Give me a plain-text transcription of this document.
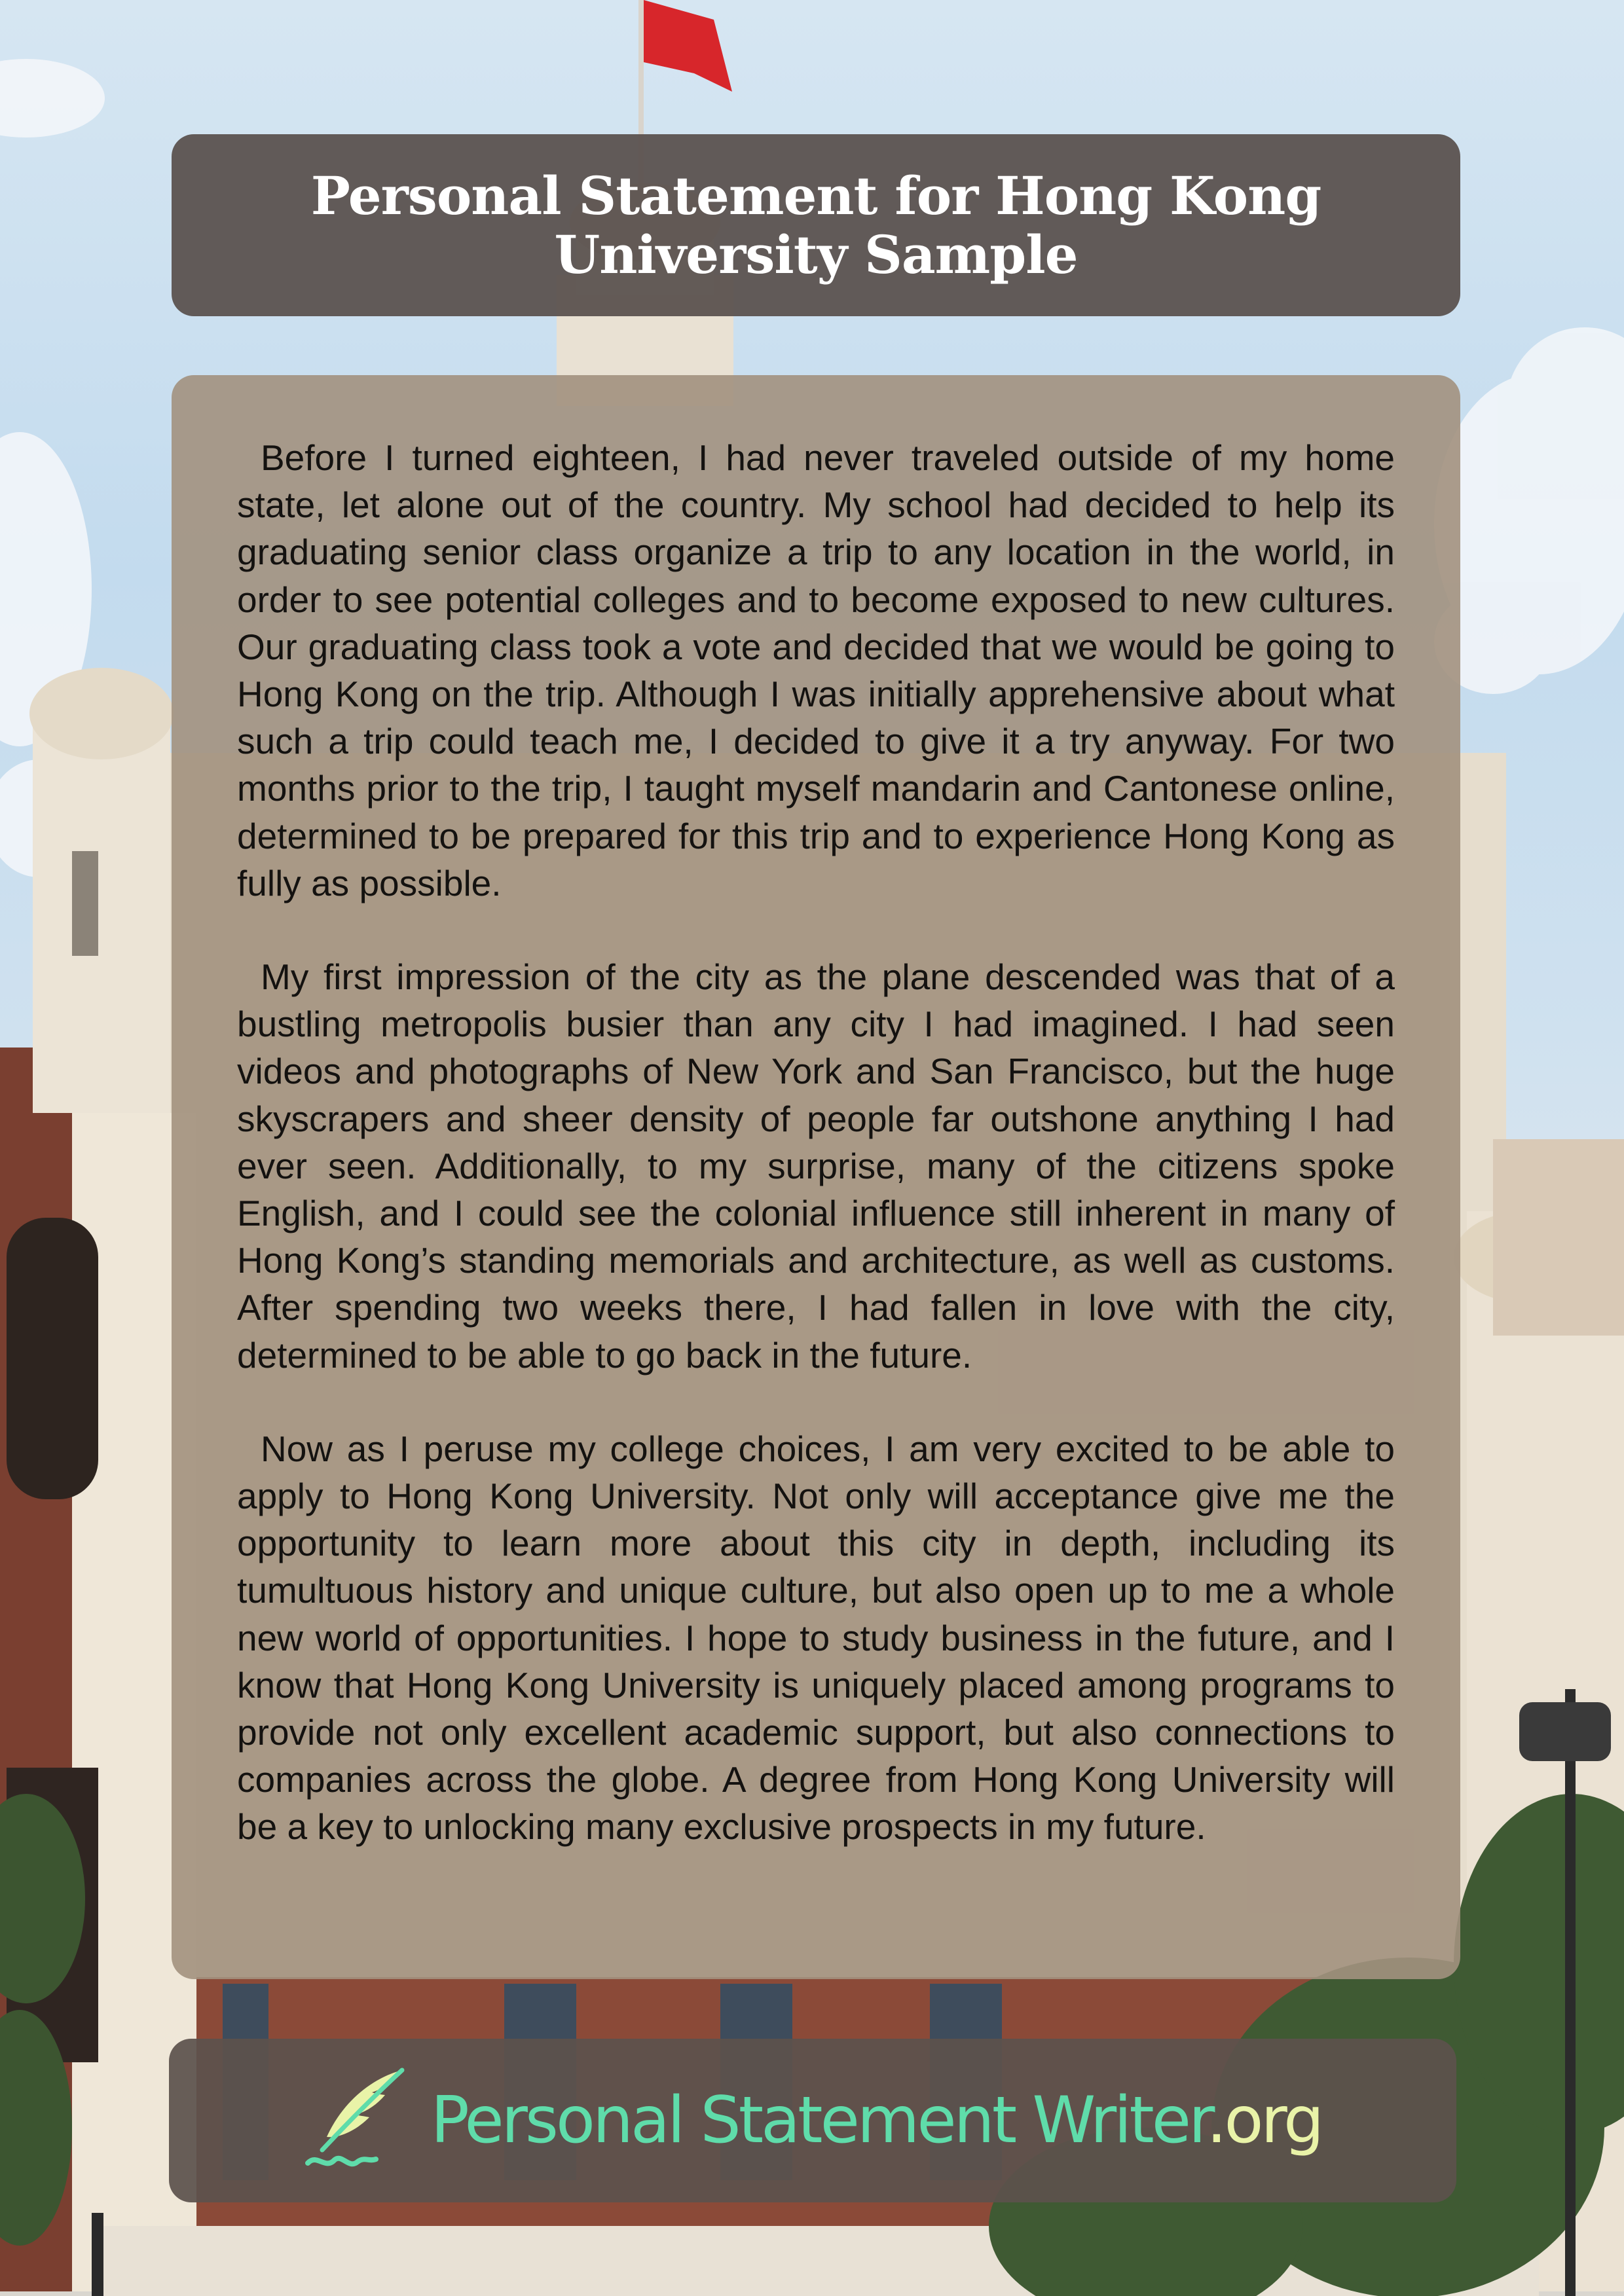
Personal Statement for Hong Kong University Sample

Before I turned eighteen, I had never traveled outside of my home state, let alone out of the country. My school had decided to help its graduating senior class organize a trip to any location in the world, in order to see potential colleges and to become exposed to new cultures. Our graduating class took a vote and decided that we would be going to Hong Kong on the trip. Although I was initially apprehensive about what such a trip could teach me, I decided to give it a try anyway. For two months prior to the trip, I taught myself mandarin and Cantonese online, determined to be prepared for this trip and to experience Hong Kong as fully as possible.

My first impression of the city as the plane descended was that of a bustling metropolis busier than any city I had imagined. I had seen videos and photographs of New York and San Francisco, but the huge skyscrapers and sheer density of people far outshone anything I had ever seen. Additionally, to my surprise, many of the citizens spoke English, and I could see the colonial influence still inherent in many of Hong Kong’s standing memorials and architecture, as well as customs. After spending two weeks there, I had fallen in love with the city, determined to be able to go back in the future.

Now as I peruse my college choices, I am very excited to be able to apply to Hong Kong University. Not only will acceptance give me the opportunity to learn more about this city in depth, including its tumultuous history and unique culture, but also open up to me a whole new world of opportunities. I hope to study business in the future, and I know that Hong Kong University is uniquely placed among programs to provide not only excellent academic support, but also connections to companies across the globe. A degree from Hong Kong University will be a key to unlocking many exclusive prospects in my future.

Personal Statement Writer.org
